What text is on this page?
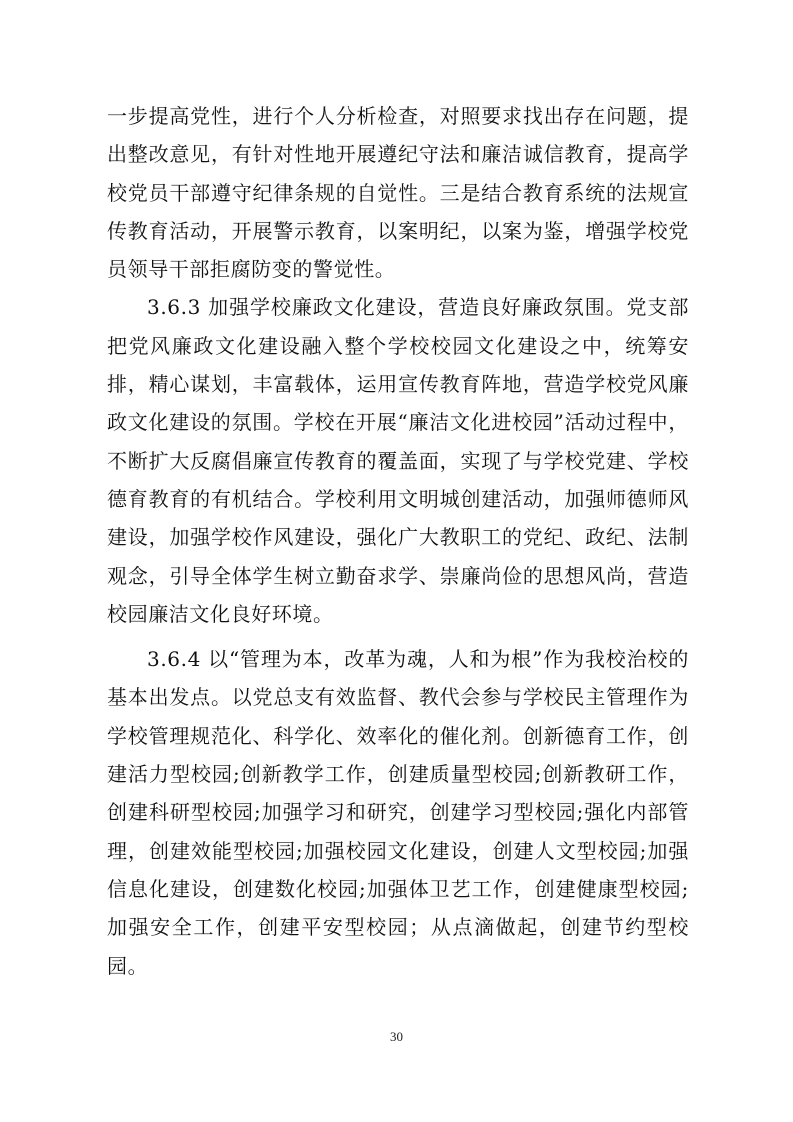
一步提高党性，进行个人分析检查，对照要求找出存在问题，提出整改意见，有针对性地开展遵纪守法和廉洁诚信教育，提高学校党员干部遵守纪律条规的自觉性。三是结合教育系统的法规宣传教育活动，开展警示教育，以案明纪，以案为鉴，增强学校党员领导干部拒腐防变的警觉性。

3.6.3 加强学校廉政文化建设，营造良好廉政氛围。党支部把党风廉政文化建设融入整个学校校园文化建设之中，统筹安排，精心谋划，丰富载体，运用宣传教育阵地，营造学校党风廉政文化建设的氛围。学校在开展“廉洁文化进校园”活动过程中，不断扩大反腐倡廉宣传教育的覆盖面，实现了与学校党建、学校德育教育的有机结合。学校利用文明城创建活动，加强师德师风建设，加强学校作风建设，强化广大教职工的党纪、政纪、法制观念，引导全体学生树立勤奋求学、崇廉尚俭的思想风尚，营造校园廉洁文化良好环境。

3.6.4 以“管理为本，改革为魂，人和为根”作为我校治校的基本出发点。以党总支有效监督、教代会参与学校民主管理作为学校管理规范化、科学化、效率化的催化剂。创新德育工作，创建活力型校园;创新教学工作，创建质量型校园;创新教研工作，创建科研型校园;加强学习和研究，创建学习型校园;强化内部管理，创建效能型校园;加强校园文化建设，创建人文型校园;加强信息化建设，创建数化校园;加强体卫艺工作，创建健康型校园;加强安全工作，创建平安型校园；从点滴做起，创建节约型校园。

30
